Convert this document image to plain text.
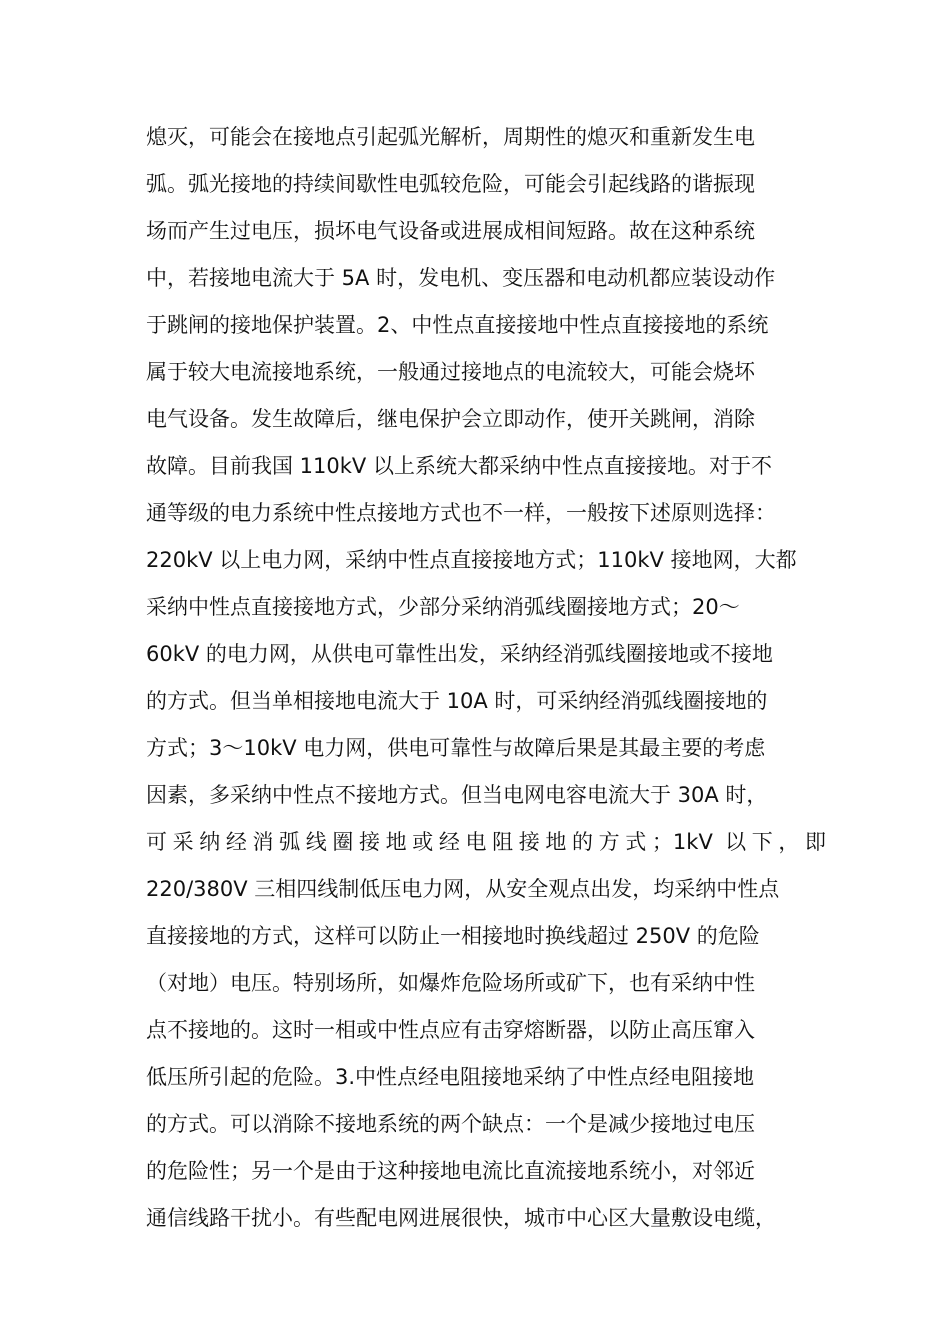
熄灭，可能会在接地点引起弧光解析，周期性的熄灭和重新发生电
弧。弧光接地的持续间歇性电弧较危险，可能会引起线路的谐振现
场而产生过电压，损坏电气设备或进展成相间短路。故在这种系统
中，若接地电流大于 5A 时，发电机、变压器和电动机都应装设动作
于跳闸的接地保护装置。2、中性点直接接地中性点直接接地的系统
属于较大电流接地系统，一般通过接地点的电流较大，可能会烧坏
电气设备。发生故障后，继电保护会立即动作，使开关跳闸，消除
故障。目前我国 110kV 以上系统大都采纳中性点直接接地。对于不
通等级的电力系统中性点接地方式也不一样，一般按下述原则选择：
220kV 以上电力网，采纳中性点直接接地方式；110kV 接地网，大都
采纳中性点直接接地方式，少部分采纳消弧线圈接地方式；20～
60kV 的电力网，从供电可靠性出发，采纳经消弧线圈接地或不接地
的方式。但当单相接地电流大于 10A 时，可采纳经消弧线圈接地的
方式；3～10kV 电力网，供电可靠性与故障后果是其最主要的考虑
因素，多采纳中性点不接地方式。但当电网电容电流大于 30A 时，
可采纳经消弧线圈接地或经电阻接地的方式；1kV 以下，即
220/380V 三相四线制低压电力网，从安全观点出发，均采纳中性点
直接接地的方式，这样可以防止一相接地时换线超过 250V 的危险
（对地）电压。特别场所，如爆炸危险场所或矿下，也有采纳中性
点不接地的。这时一相或中性点应有击穿熔断器，以防止高压窜入
低压所引起的危险。3.中性点经电阻接地采纳了中性点经电阻接地
的方式。可以消除不接地系统的两个缺点：一个是减少接地过电压
的危险性；另一个是由于这种接地电流比直流接地系统小，对邻近
通信线路干扰小。有些配电网进展很快，城市中心区大量敷设电缆，
